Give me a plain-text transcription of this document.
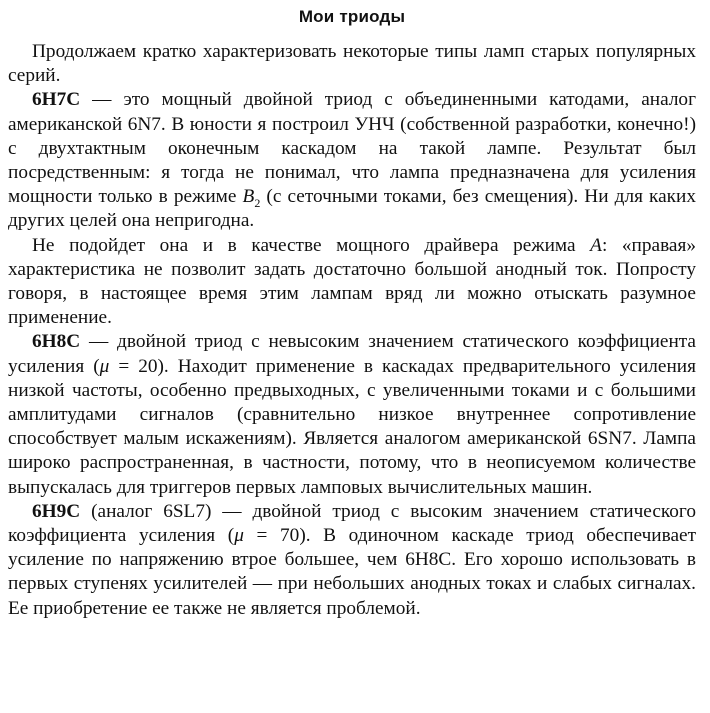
Мои триоды

Продолжаем кратко характеризовать некоторые типы ламп старых популярных серий.

6Н7С — это мощный двойной триод с объединенными катодами, аналог американской 6N7. В юности я построил УНЧ (собственной разработки, конечно!) с двухтактным оконечным каскадом на такой лампе. Результат был посредственным: я тогда не понимал, что лампа предназначена для усиления мощности только в режиме $B_2$ (с сеточными токами, без смещения). Ни для каких других целей она непригодна.

Не подойдет она и в качестве мощного драйвера режима A: «правая» характеристика не позволит задать достаточно большой анодный ток. Попросту говоря, в настоящее время этим лампам вряд ли можно отыскать разумное применение.

6Н8С — двойной триод с невысоким значением статического коэффициента усиления (μ = 20). Находит применение в каскадах предварительного усиления низкой частоты, особенно предвыходных, с увеличенными токами и с большими амплитудами сигналов (сравнительно низкое внутреннее сопротивление способствует малым искажениям). Является аналогом американской 6SN7. Лампа широко распространенная, в частности, потому, что в неописуемом количестве выпускалась для триггеров первых ламповых вычислительных машин.

6Н9С (аналог 6SL7) — двойной триод с высоким значением статического коэффициента усиления (μ = 70). В одиночном каскаде триод обеспечивает усиление по напряжению втрое большее, чем 6Н8С. Его хорошо использовать в первых ступенях усилителей — при небольших анодных токах и слабых сигналах. Ее приобретение ее также не является проблемой.
